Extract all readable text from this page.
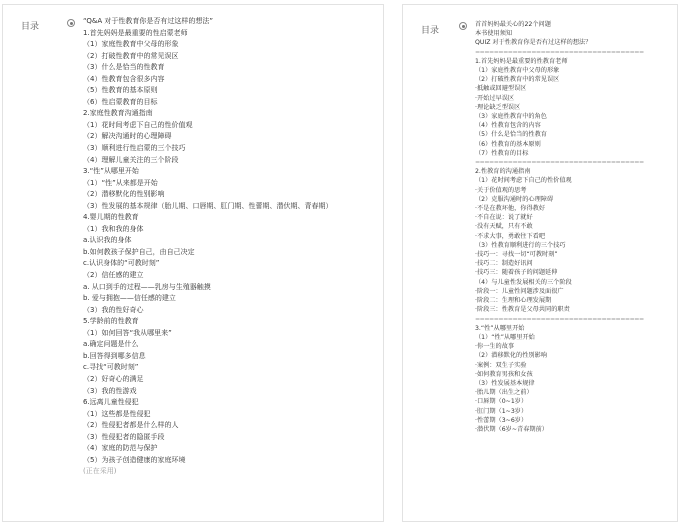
目录
“Q&A 对于性教育你是否有过这样的想法”
1.首先妈妈是最重要的性启蒙老师
（1）家庭性教育中父母的形象
（2）打破性教育中的常见误区
（3）什么是恰当的性教育
（4）性教育包含很多内容
（5）性教育的基本原则
（6）性启蒙教育的目标
2.家庭性教育沟通指南
（1）花时间考虑下自己的性价值观
（2）解决沟通时的心理障碍
（3）顺利进行性启蒙的三个技巧
（4）理解儿童关注的三个阶段
3.“性”从哪里开始
（1）“性”从来都是开始
（2）潜移默化的性别影响
（3）性发展的基本规律（胎儿期、口唇期、肛门期、性蕾期、潜伏期、青春期）
4.婴儿期的性教育
（1）我和我的身体
a.认识我的身体
b.如何教孩子保护自己，由自己决定
c.认识身体的“可教时刻”
（2）信任感的建立
a. 从口到手的过程——乳房与生殖器触摸
b. 爱与拥抱——信任感的建立
（3）我的性好奇心
5.学龄前的性教育
（1）如何回答“我从哪里来”
a.确定问题是什么
b.回答得到哪多信息
c.寻找“可教时刻”
（2）好奇心的满足
（3）我的性游戏
6.远离儿童性侵犯
（1）这些都是性侵犯
（2）性侵犯者都是什么样的人
（3）性侵犯者的隐匿手段
（4）家庭的防范与保护
（5）为孩子创造健康的家庭环境
(正在采用)
目录
首首妈妈最关心的22个问题
本书使用须知
QUIZ 对于性教育你是否有过这样的想法？
====================================
1.首先妈妈是最重要的性教育老师
（1）家庭性教育中父母的形象
（2）打破性教育中的常见误区
·抵触或回避型误区
·开始过早误区
·理论缺乏型误区
（3）家庭性教育中的角色
（4）性教育包含的内容
（5）什么是恰当的性教育
（6）性教育的基本原则
（7）性教育的目标
====================================
2.性教育的沟通指南
（1）花时间考虑下自己的性价值观
·关于价值观的思考
（2）克服沟通时的心理障碍
·不是在教坏他，你得教好
·不自在说：说了就好
·没有天赋，只有不敢
·不求大事，勇敢往下看吧
（3）性教育顺利进行的三个技巧
·技巧一：寻找一切“可教时刻”
·技巧二：制造好讯问
·技巧三：随着孩子的问题延伸
（4）与儿童性发展相关的三个阶段
·阶段一：儿童性问题涉及面很广
·阶段二：生理和心理发展期
·阶段三：性教育是父母共同的职责
====================================
3.“性”从哪里开始
（1）“性”从哪里开始
·你一生的故事
（2）潜移默化的性别影响
·案例：双生子实验
·如何教育男孩和女孩
（3）性发展基本规律
·胎儿期（出生之前）
·口唇期（0~1岁）
·肛门期（1~3岁）
·性蕾期（3~6岁）
·潜伏期（6岁~青春期前）
